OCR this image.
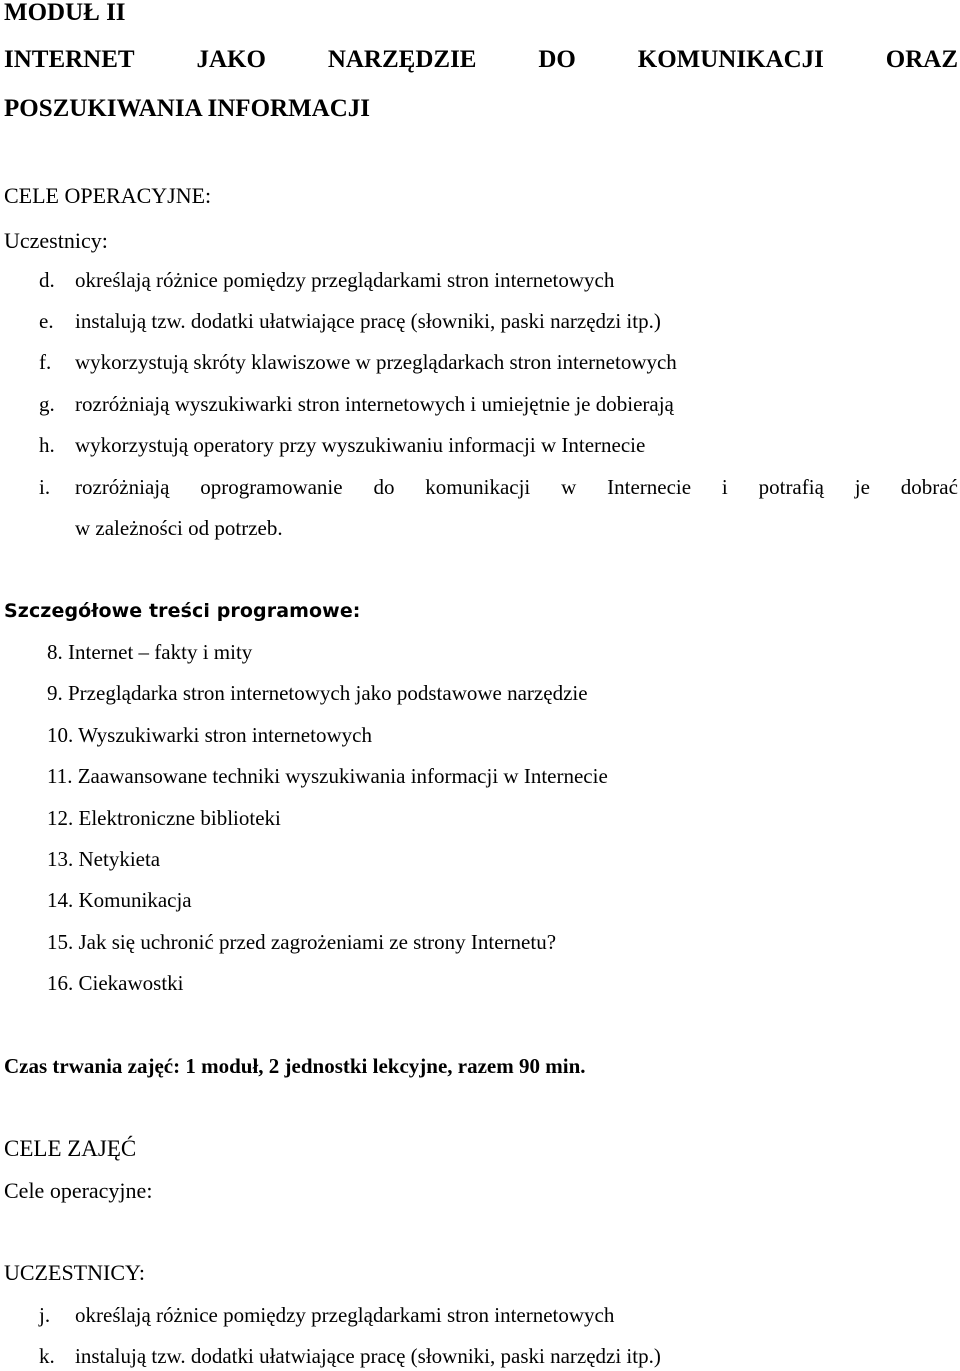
MODUŁ II
INTERNET JAKO NARZĘDZIE DO KOMUNIKACJI ORAZ
POSZUKIWANIA INFORMACJI
CELE OPERACYJNE:
Uczestnicy:
d. określają różnice pomiędzy przeglądarkami stron internetowych
e. instalują tzw. dodatki ułatwiające pracę (słowniki, paski narzędzi itp.)
f. wykorzystują skróty klawiszowe w przeglądarkach stron internetowych
g. rozróżniają wyszukiwarki stron internetowych i umiejętnie je dobierają
h. wykorzystują operatory przy wyszukiwaniu informacji w Internecie
i. rozróżniają oprogramowanie do komunikacji w Internecie i potrafią je dobrać
w zależności od potrzeb.
Szczegółowe treści programowe:
8. Internet – fakty i mity
9. Przeglądarka stron internetowych jako podstawowe narzędzie
10. Wyszukiwarki stron internetowych
11. Zaawansowane techniki wyszukiwania informacji w Internecie
12. Elektroniczne biblioteki
13. Netykieta
14. Komunikacja
15. Jak się uchronić przed zagrożeniami ze strony Internetu?
16. Ciekawostki
Czas trwania zajęć: 1 moduł, 2 jednostki lekcyjne, razem 90 min.
CELE ZAJĘĆ
Cele operacyjne:
UCZESTNICY:
j. określają różnice pomiędzy przeglądarkami stron internetowych
k. instalują tzw. dodatki ułatwiające pracę (słowniki, paski narzędzi itp.)
